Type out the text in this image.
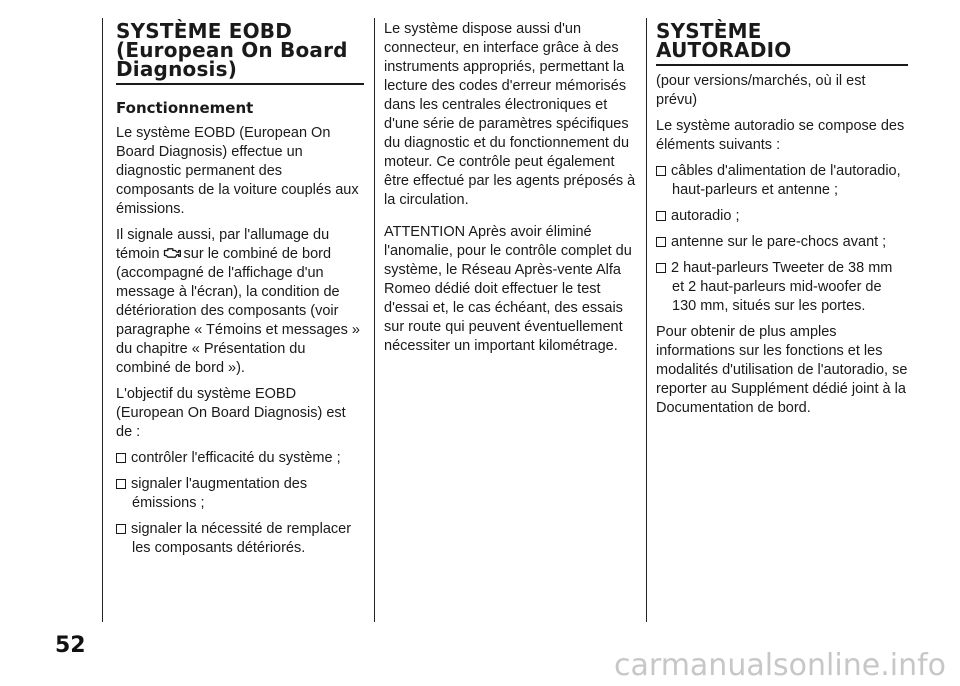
SYSTÈME EOBD (European On Board Diagnosis)
Fonctionnement

Le système EOBD (European On Board Diagnosis) effectue un diagnostic permanent des composants de la voiture couplés aux émissions.

Il signale aussi, par l'allumage du témoin sur le combiné de bord (accompagné de l'affichage d'un message à l'écran), la condition de détérioration des composants (voir paragraphe « Témoins et messages » du chapitre « Présentation du combiné de bord »).

L'objectif du système EOBD (European On Board Diagnosis) est de :

contrôler l'efficacité du système ;

signaler l'augmentation des émissions ;

signaler la nécessité de remplacer les composants détériorés.

Le système dispose aussi d'un connecteur, en interface grâce à des instruments appropriés, permettant la lecture des codes d'erreur mémorisés dans les centrales électroniques et d'une série de paramètres spécifiques du diagnostic et du fonctionnement du moteur. Ce contrôle peut également être effectué par les agents préposés à la circulation.

ATTENTION Après avoir éliminé l'anomalie, pour le contrôle complet du système, le Réseau Après-vente Alfa Romeo dédié doit effectuer le test d'essai et, le cas échéant, des essais sur route qui peuvent éventuellement nécessiter un important kilométrage.

SYSTÈME
AUTORADIO

(pour versions/marchés, où il est prévu)

Le système autoradio se compose des éléments suivants :

câbles d'alimentation de l'autoradio, haut-parleurs et antenne ;

autoradio ;

antenne sur le pare-chocs avant ;

2 haut-parleurs Tweeter de 38 mm et 2 haut-parleurs mid-woofer de 130 mm, situés sur les portes.

Pour obtenir de plus amples informations sur les fonctions et les modalités d'utilisation de l'autoradio, se reporter au Supplément dédié joint à la Documentation de bord.

52
carmanualsonline.info
